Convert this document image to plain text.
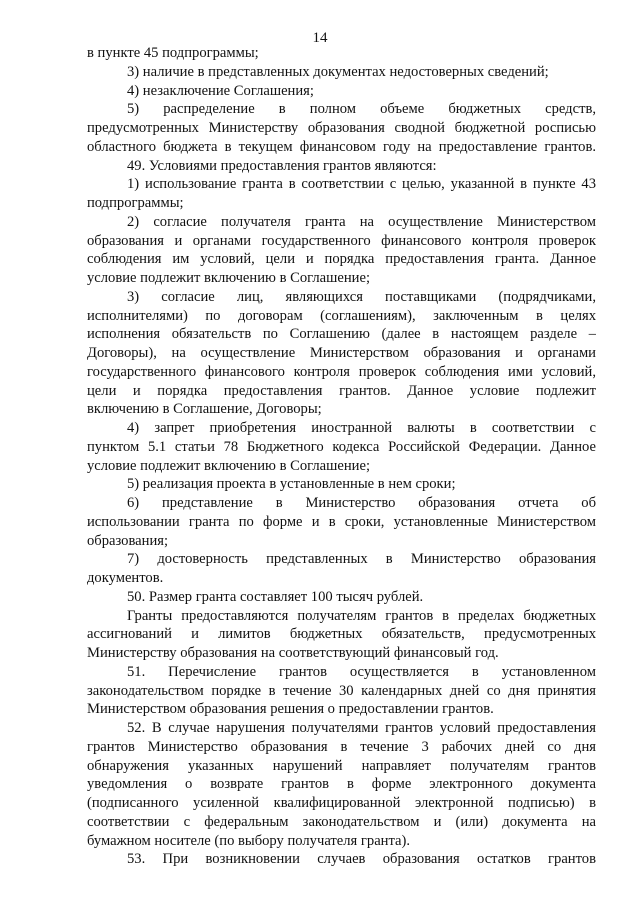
14
в пункте 45 подпрограммы;
3) наличие в представленных документах недостоверных сведений;
4) незаключение Соглашения;
5) распределение в полном объеме бюджетных средств,
предусмотренных Министерству образования сводной бюджетной росписью
областного бюджета в текущем финансовом году на предоставление грантов.
49. Условиями предоставления грантов являются:
1) использование гранта в соответствии с целью, указанной в пункте 43
подпрограммы;
2) согласие получателя гранта на осуществление Министерством
образования и органами государственного финансового контроля проверок
соблюдения им условий, цели и порядка предоставления гранта. Данное
условие подлежит включению в Соглашение;
3) согласие лиц, являющихся поставщиками (подрядчиками,
исполнителями) по договорам (соглашениям), заключенным в целях
исполнения обязательств по Соглашению (далее в настоящем разделе –
Договоры), на осуществление Министерством образования и органами
государственного финансового контроля проверок соблюдения ими условий,
цели и порядка предоставления грантов. Данное условие подлежит
включению в Соглашение, Договоры;
4) запрет приобретения иностранной валюты в соответствии с
пунктом 5.1 статьи 78 Бюджетного кодекса Российской Федерации. Данное
условие подлежит включению в Соглашение;
5) реализация проекта в установленные в нем сроки;
6) представление в Министерство образования отчета об
использовании гранта по форме и в сроки, установленные Министерством
образования;
7) достоверность представленных в Министерство образования
документов.
50. Размер гранта составляет 100 тысяч рублей.
Гранты предоставляются получателям грантов в пределах бюджетных
ассигнований и лимитов бюджетных обязательств, предусмотренных
Министерству образования на соответствующий финансовый год.
51. Перечисление грантов осуществляется в установленном
законодательством порядке в течение 30 календарных дней со дня принятия
Министерством образования решения о предоставлении грантов.
52. В случае нарушения получателями грантов условий предоставления
грантов Министерство образования в течение 3 рабочих дней со дня
обнаружения указанных нарушений направляет получателям грантов
уведомления о возврате грантов в форме электронного документа
(подписанного усиленной квалифицированной электронной подписью) в
соответствии с федеральным законодательством и (или) документа на
бумажном носителе (по выбору получателя гранта).
53. При возникновении случаев образования остатков грантов
